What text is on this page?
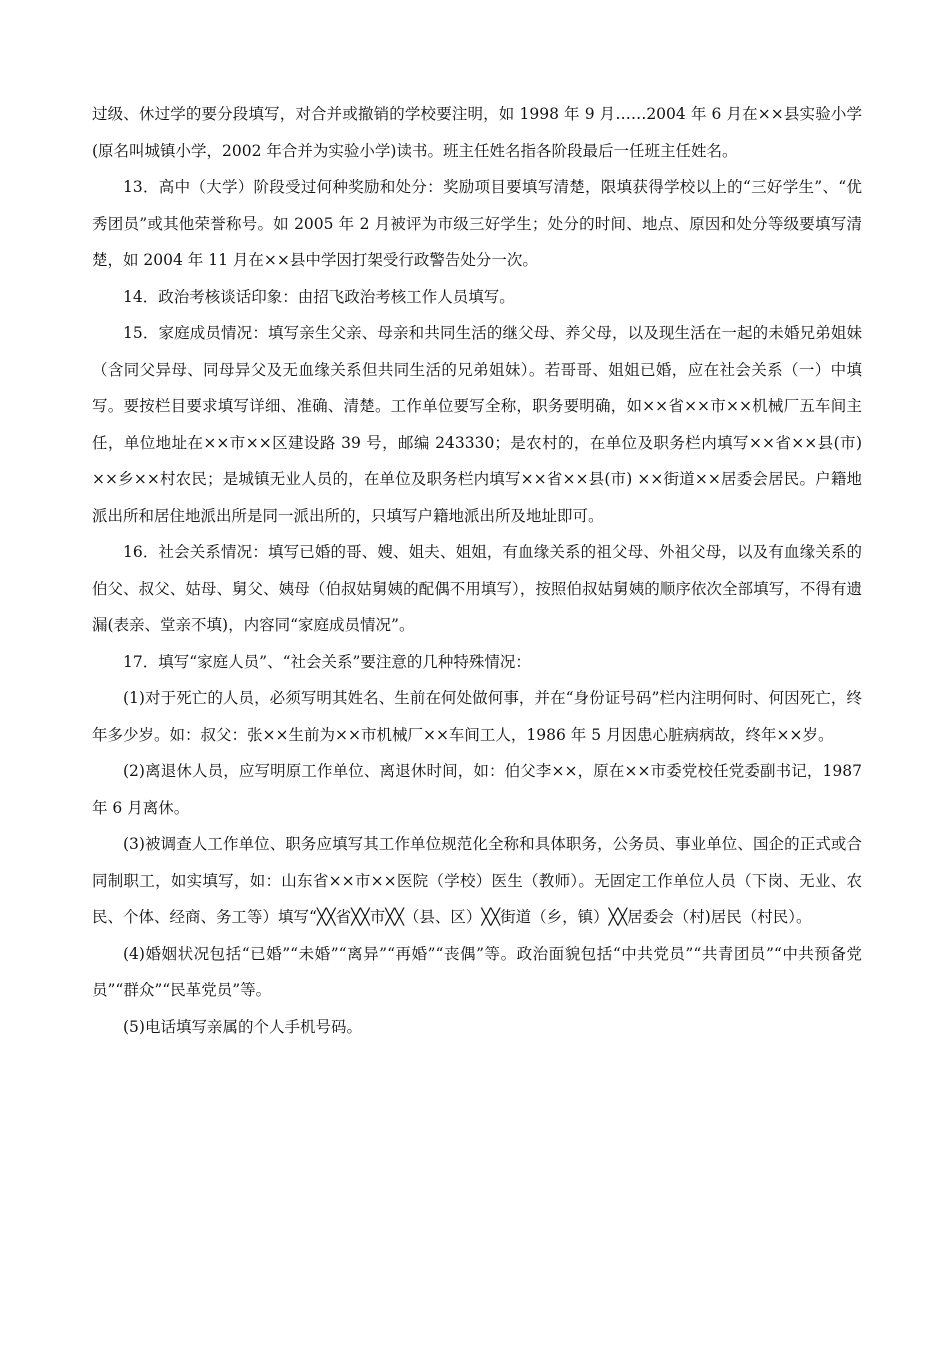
过级、休过学的要分段填写，对合并或撤销的学校要注明，如 1998 年 9 月……2004 年 6 月在××县实验小学(原名叫城镇小学，2002 年合并为实验小学)读书。班主任姓名指各阶段最后一任班主任姓名。

13．高中（大学）阶段受过何种奖励和处分：奖励项目要填写清楚，限填获得学校以上的“三好学生”、“优秀团员”或其他荣誉称号。如 2005 年 2 月被评为市级三好学生；处分的时间、地点、原因和处分等级要填写清楚，如 2004 年 11 月在××县中学因打架受行政警告处分一次。

14．政治考核谈话印象：由招飞政治考核工作人员填写。

15．家庭成员情况：填写亲生父亲、母亲和共同生活的继父母、养父母，以及现生活在一起的未婚兄弟姐妹（含同父异母、同母异父及无血缘关系但共同生活的兄弟姐妹）。若哥哥、姐姐已婚，应在社会关系（一）中填写。要按栏目要求填写详细、准确、清楚。工作单位要写全称，职务要明确，如××省××市××机械厂五车间主任，单位地址在××市××区建设路 39 号，邮编 243330；是农村的，在单位及职务栏内填写××省××县(市) ××乡××村农民；是城镇无业人员的，在单位及职务栏内填写××省××县(市) ××街道××居委会居民。户籍地派出所和居住地派出所是同一派出所的，只填写户籍地派出所及地址即可。

16．社会关系情况：填写已婚的哥、嫂、姐夫、姐姐，有血缘关系的祖父母、外祖父母，以及有血缘关系的伯父、叔父、姑母、舅父、姨母（伯叔姑舅姨的配偶不用填写），按照伯叔姑舅姨的顺序依次全部填写，不得有遗漏(表亲、堂亲不填)，内容同“家庭成员情况”。

17．填写“家庭人员”、“社会关系”要注意的几种特殊情况：

(1)对于死亡的人员，必须写明其姓名、生前在何处做何事，并在“身份证号码”栏内注明何时、何因死亡，终年多少岁。如：叔父：张××生前为××市机械厂××车间工人，1986 年 5 月因患心脏病病故，终年××岁。

(2)离退休人员，应写明原工作单位、离退休时间，如：伯父李××，原在××市委党校任党委副书记，1987 年 6 月离休。

(3)被调查人工作单位、职务应填写其工作单位规范化全称和具体职务，公务员、事业单位、国企的正式或合同制职工，如实填写，如：山东省××市××医院（学校）医生（教师）。无固定工作单位人员（下岗、无业、农民、个体、经商、务工等）填写“╳╳省╳╳市╳╳（县、区）╳╳街道（乡，镇）╳╳居委会（村)居民（村民）。

(4)婚姻状况包括“已婚”“未婚”“离异”“再婚”“丧偶”等。政治面貌包括“中共党员”“共青团员”“中共预备党员”“群众”“民革党员”等。

(5)电话填写亲属的个人手机号码。
